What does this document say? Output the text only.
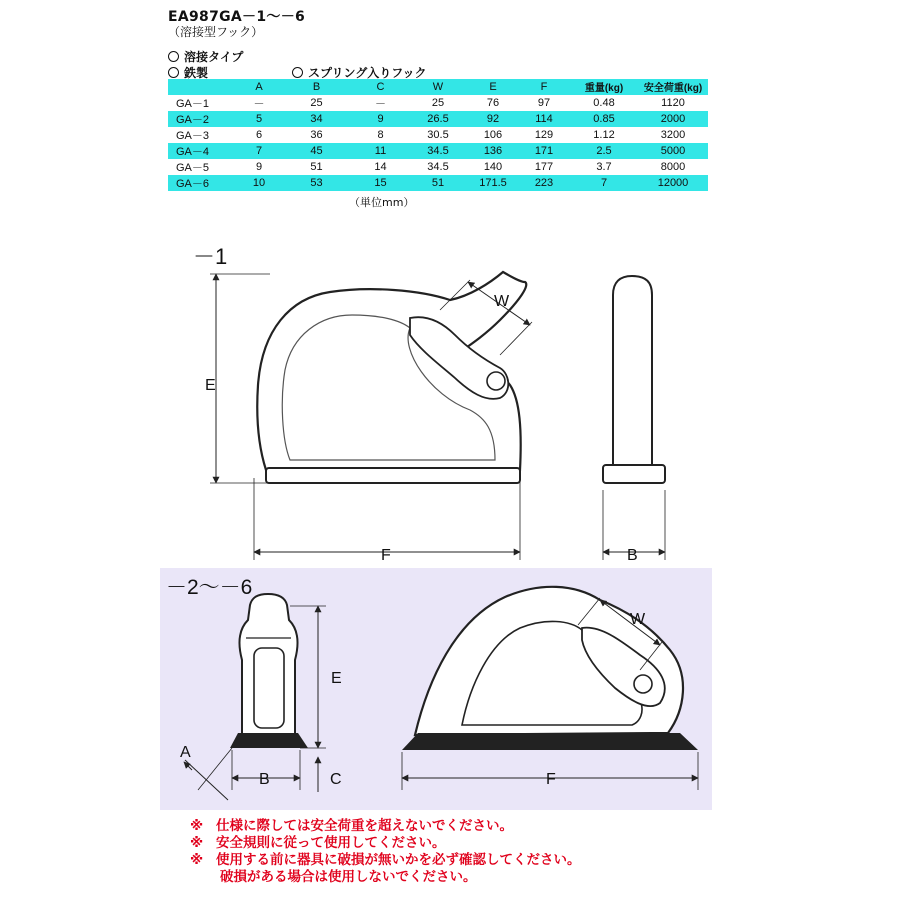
EA987GA－1～－6
（溶接型フック）
溶接タイプ
鉄製	スプリング入りフック
	A	B	C	W	E	F	重量(kg)	安全荷重(kg)
GA－1	－	25	－	25	76	97	0.48	1120
GA－2	5	34	9	26.5	92	114	0.85	2000
GA－3	6	36	8	30.5	106	129	1.12	3200
GA－4	7	45	11	34.5	136	171	2.5	5000
GA－5	9	51	14	34.5	140	177	3.7	8000
GA－6	10	53	15	51	171.5	223	7	12000
（単位mm）
－1
E
W
F	B
－2～－6
E
A
B	C
W
F
※ 仕様に際しては安全荷重を超えないでください。
※ 安全規則に従って使用してください。
※ 使用する前に器具に破損が無いかを必ず確認してください。
破損がある場合は使用しないでください。
